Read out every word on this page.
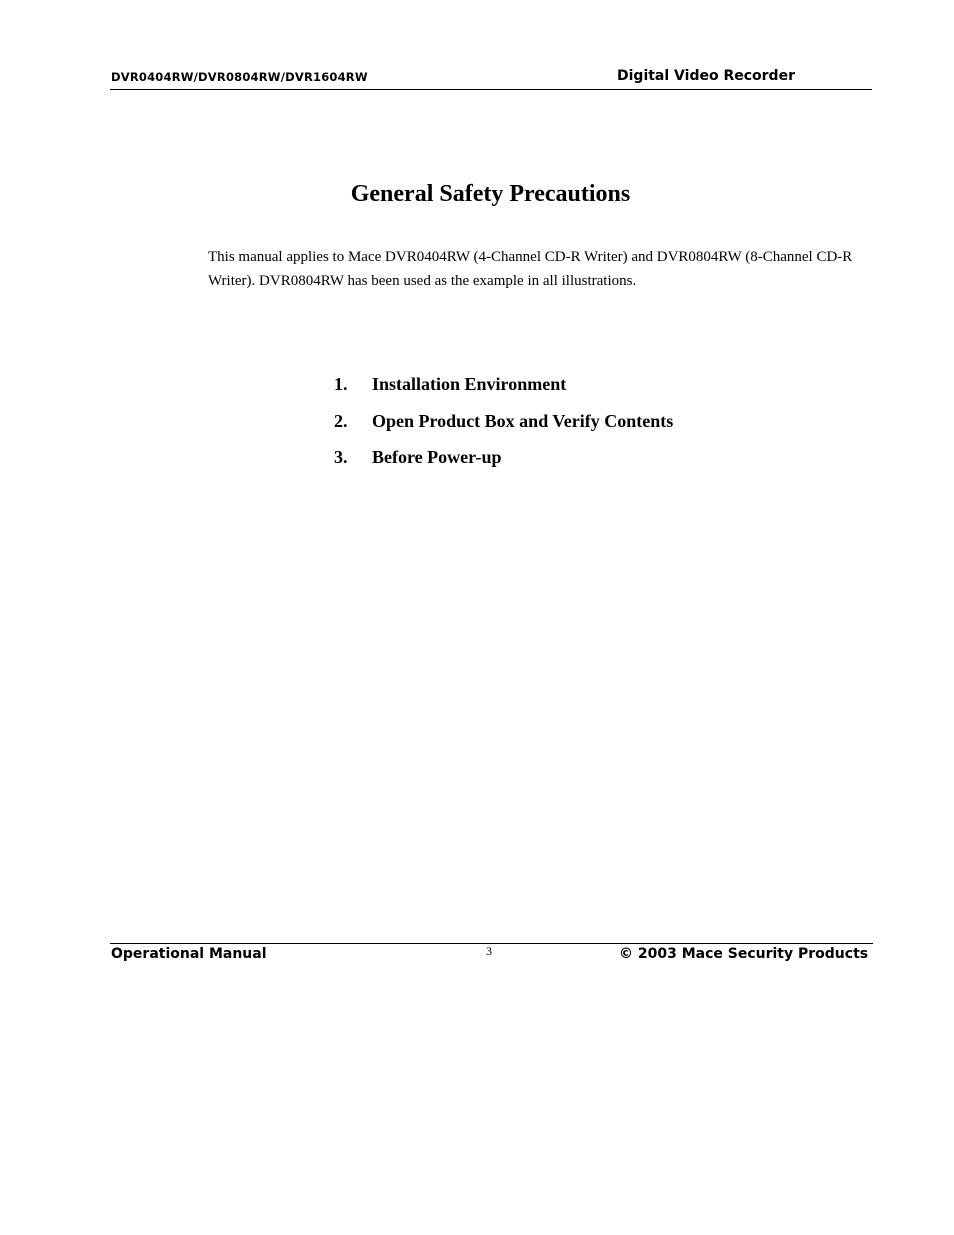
DVR0404RW/DVR0804RW/DVR1604RW	Digital Video Recorder
General Safety Precautions

This manual applies to Mace DVR0404RW (4-Channel CD-R Writer) and DVR0804RW (8-Channel CD-R Writer). DVR0804RW has been used as the example in all illustrations.

1. Installation Environment
2. Open Product Box and Verify Contents
3. Before Power-up
Operational Manual	3	© 2003 Mace Security Products
